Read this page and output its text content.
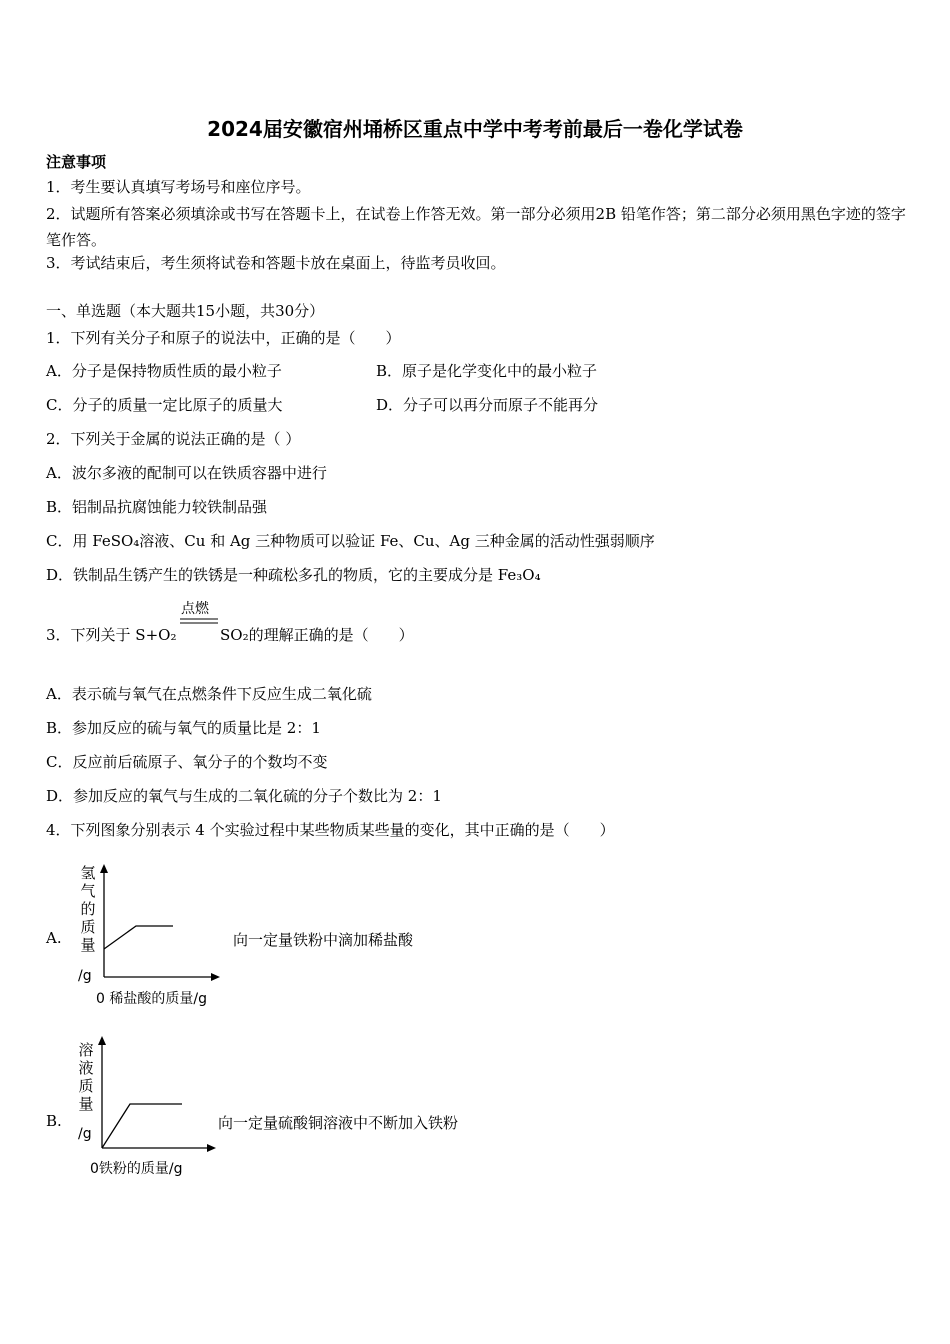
2024届安徽宿州埇桥区重点中学中考考前最后一卷化学试卷
注意事项
1．考生要认真填写考场号和座位序号。
2．试题所有答案必须填涂或书写在答题卡上，在试卷上作答无效。第一部分必须用2B 铅笔作答；第二部分必须用黑色字迹的签字笔作答。
3．考试结束后，考生须将试卷和答题卡放在桌面上，待监考员收回。
一、单选题（本大题共15小题，共30分）
1．下列有关分子和原子的说法中，正确的是（　　）
A．分子是保持物质性质的最小粒子	B．原子是化学变化中的最小粒子
C．分子的质量一定比原子的质量大	D．分子可以再分而原子不能再分
2．下列关于金属的说法正确的是（ ）
A．波尔多液的配制可以在铁质容器中进行
B．铝制品抗腐蚀能力较铁制品强
C．用 FeSO₄溶液、Cu 和 Ag 三种物质可以验证 Fe、Cu、Ag 三种金属的活动性强弱顺序
D．铁制品生锈产生的铁锈是一种疏松多孔的物质，它的主要成分是 Fe₃O₄
3．下列关于 S+O₂
点燃
SO₂的理解正确的是（　　）
A．表示硫与氧气在点燃条件下反应生成二氧化硫
B．参加反应的硫与氧气的质量比是 2：1
C．反应前后硫原子、氧分子的个数均不变
D．参加反应的氧气与生成的二氧化硫的分子个数比为 2：1
4．下列图象分别表示 4 个实验过程中某些物质某些量的变化，其中正确的是（　　）
A.
氢
气
的
质
量
/g
0 稀盐酸的质量/g
向一定量铁粉中滴加稀盐酸
B.
溶
液
质
量
/g
0铁粉的质量/g
向一定量硫酸铜溶液中不断加入铁粉
